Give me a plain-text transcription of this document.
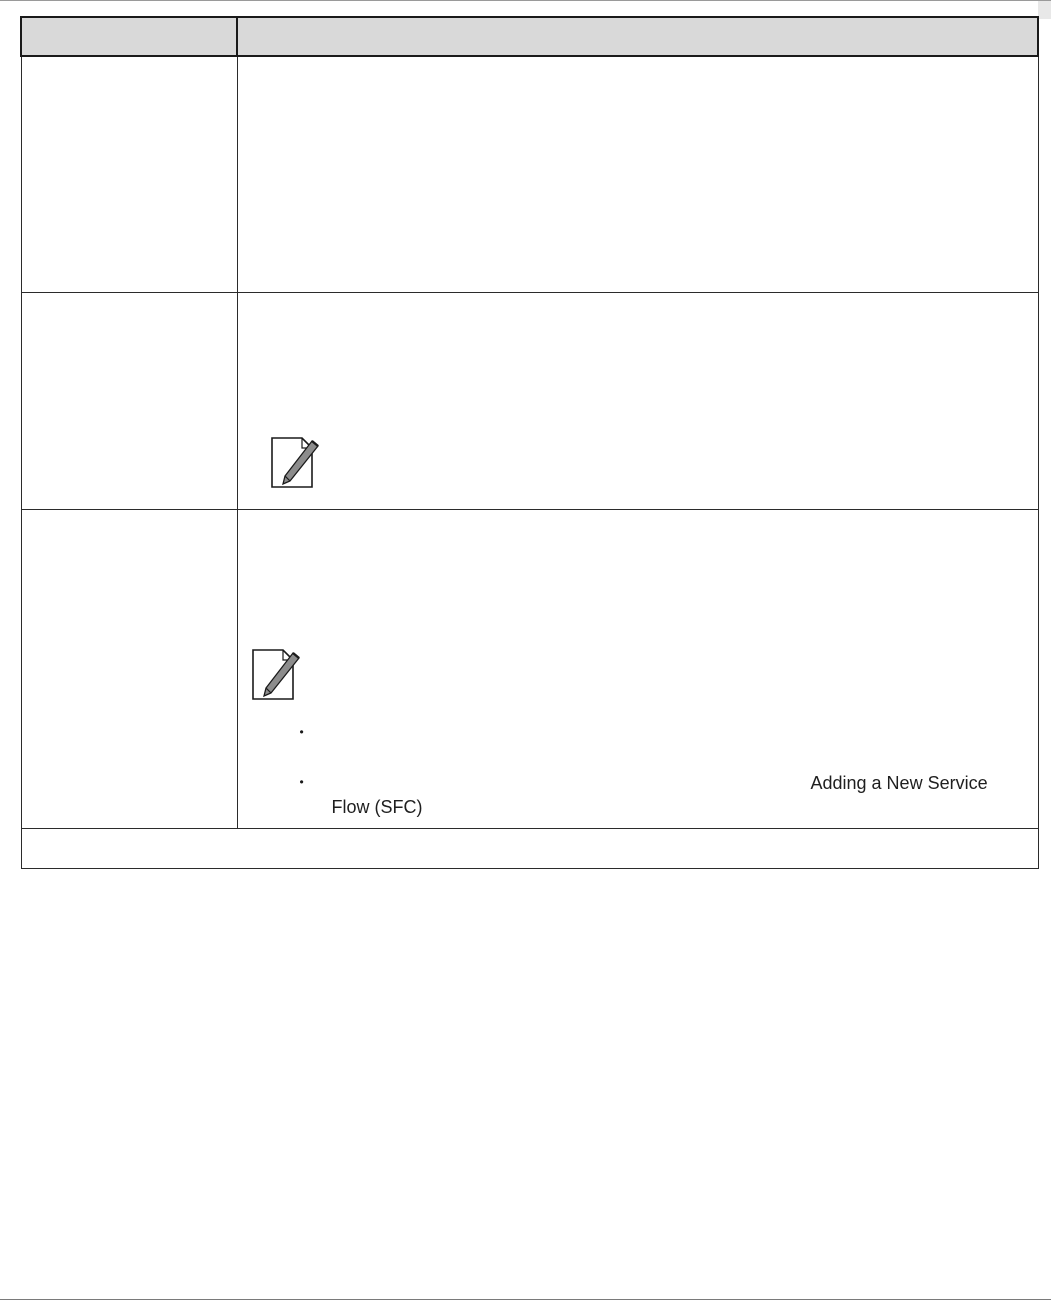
	•
• Adding a New Service
Flow (SFC)
